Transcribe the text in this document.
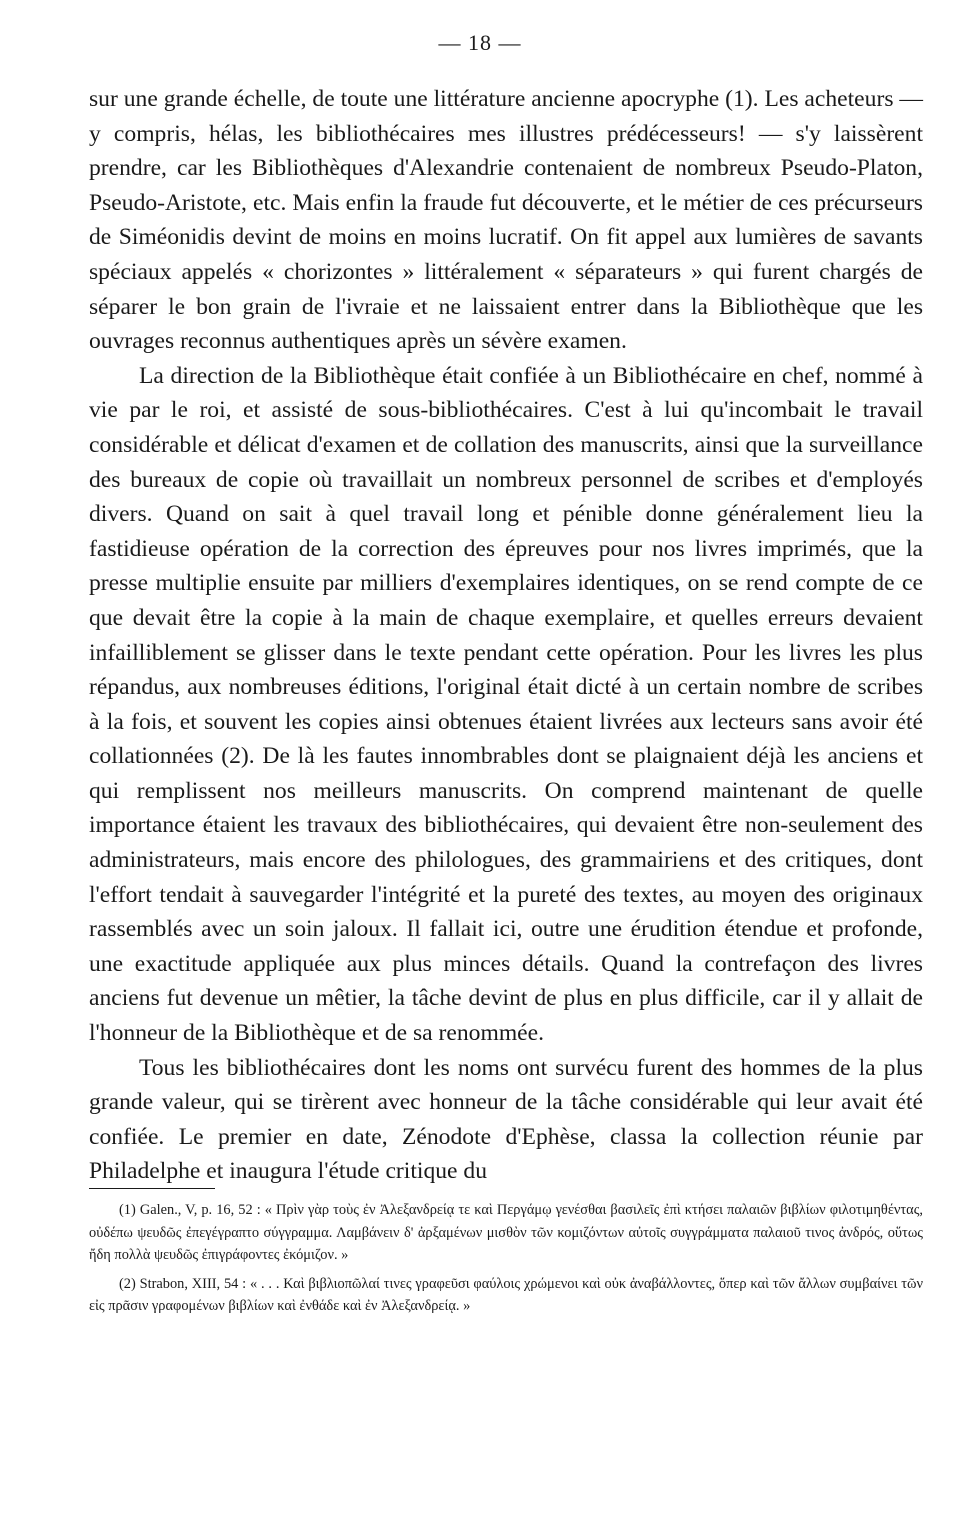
— 18 —

sur une grande échelle, de toute une littérature ancienne apocryphe (1). Les acheteurs — y compris, hélas, les bibliothécaires mes illustres prédécesseurs! — s'y laissèrent prendre, car les Bibliothèques d'Alexandrie contenaient de nombreux Pseudo-Platon, Pseudo-Aristote, etc. Mais enfin la fraude fut découverte, et le métier de ces précurseurs de Siméonidis devint de moins en moins lucratif. On fit appel aux lumières de savants spéciaux appelés « chorizontes » littéralement « séparateurs » qui furent chargés de séparer le bon grain de l'ivraie et ne laissaient entrer dans la Bibliothèque que les ouvrages reconnus authentiques après un sévère examen.

La direction de la Bibliothèque était confiée à un Bibliothécaire en chef, nommé à vie par le roi, et assisté de sous-bibliothécaires. C'est à lui qu'incombait le travail considérable et délicat d'examen et de collation des manuscrits, ainsi que la surveillance des bureaux de copie où travaillait un nombreux personnel de scribes et d'employés divers. Quand on sait à quel travail long et pénible donne généralement lieu la fastidieuse opération de la correction des épreuves pour nos livres imprimés, que la presse multiplie ensuite par milliers d'exemplaires identiques, on se rend compte de ce que devait être la copie à la main de chaque exemplaire, et quelles erreurs devaient infailliblement se glisser dans le texte pendant cette opération. Pour les livres les plus répandus, aux nombreuses éditions, l'original était dicté à un certain nombre de scribes à la fois, et souvent les copies ainsi obtenues étaient livrées aux lecteurs sans avoir été collationnées (2). De là les fautes innombrables dont se plaignaient déjà les anciens et qui remplissent nos meilleurs manuscrits. On comprend maintenant de quelle importance étaient les travaux des bibliothécaires, qui devaient être non-seulement des administrateurs, mais encore des philologues, des grammairiens et des critiques, dont l'effort tendait à sauvegarder l'intégrité et la pureté des textes, au moyen des originaux rassemblés avec un soin jaloux. Il fallait ici, outre une érudition étendue et profonde, une exactitude appliquée aux plus minces détails. Quand la contrefaçon des livres anciens fut devenue un mêtier, la tâche devint de plus en plus difficile, car il y allait de l'honneur de la Bibliothèque et de sa renommée.

Tous les bibliothécaires dont les noms ont survécu furent des hommes de la plus grande valeur, qui se tirèrent avec honneur de la tâche considérable qui leur avait été confiée. Le premier en date, Zénodote d'Ephèse, classa la collection réunie par Philadelphe et inaugura l'étude critique du

(1) Galen., V, p. 16, 52 : « Πρὶν γὰρ τοὺς ἐν Ἀλεξανδρείᾳ τε καὶ Περγάμῳ γενέσθαι βασιλεῖς ἐπὶ κτήσει παλαιῶν βιβλίων φιλοτιμηθέντας, οὐδέπω ψευδῶς ἐπεγέγραπτο σύγγραμμα. Λαμβάνειν δ' ἀρξαμένων μισθὸν τῶν κομιζόντων αὐτοῖς συγγράμματα παλαιοῦ τινος ἀνδρός, οὕτως ἤδη πολλὰ ψευδῶς ἐπιγράφοντες ἐκόμιζον. »

(2) Strabon, XIII, 54 : « . . . Καὶ βιβλιοπῶλαί τινες γραφεῦσι φαύλοις χρώμενοι καὶ οὐκ ἀναβάλλοντες, ὅπερ καὶ τῶν ἄλλων συμβαίνει τῶν εἰς πρᾶσιν γραφομένων βιβλίων καὶ ἐνθάδε καὶ ἐν Ἀλεξανδρείᾳ. »
